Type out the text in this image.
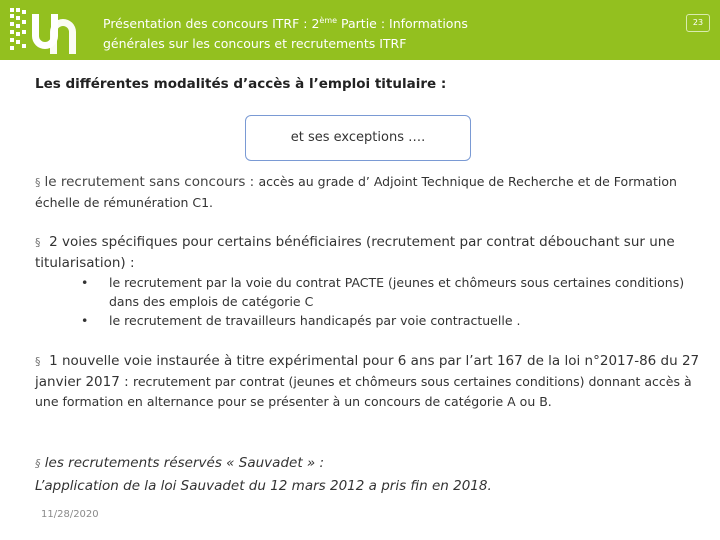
Présentation des concours ITRF : 2ème Partie : Informations générales sur les concours et recrutements ITRF
23
Les différentes modalités d’accès à l’emploi titulaire :
et ses exceptions ….
§ le recrutement sans concours : accès au grade d’ Adjoint Technique de Recherche et de Formation échelle de rémunération C1.
§ 2 voies spécifiques pour certains bénéficiaires (recrutement par contrat débouchant sur une titularisation) :
• le recrutement par la voie du contrat PACTE (jeunes et chômeurs sous certaines conditions) dans des emplois de catégorie C
• le recrutement de travailleurs handicapés par voie contractuelle .
§ 1 nouvelle voie instaurée à titre expérimental pour 6 ans par l’art 167 de la loi n°2017-86 du 27 janvier 2017 : recrutement par contrat (jeunes et chômeurs sous certaines conditions) donnant accès à une formation en alternance pour se présenter à un concours de catégorie A ou B.
§ les recrutements réservés « Sauvadet » :
L’application de la loi Sauvadet du 12 mars 2012 a pris fin en 2018.
11/28/2020
